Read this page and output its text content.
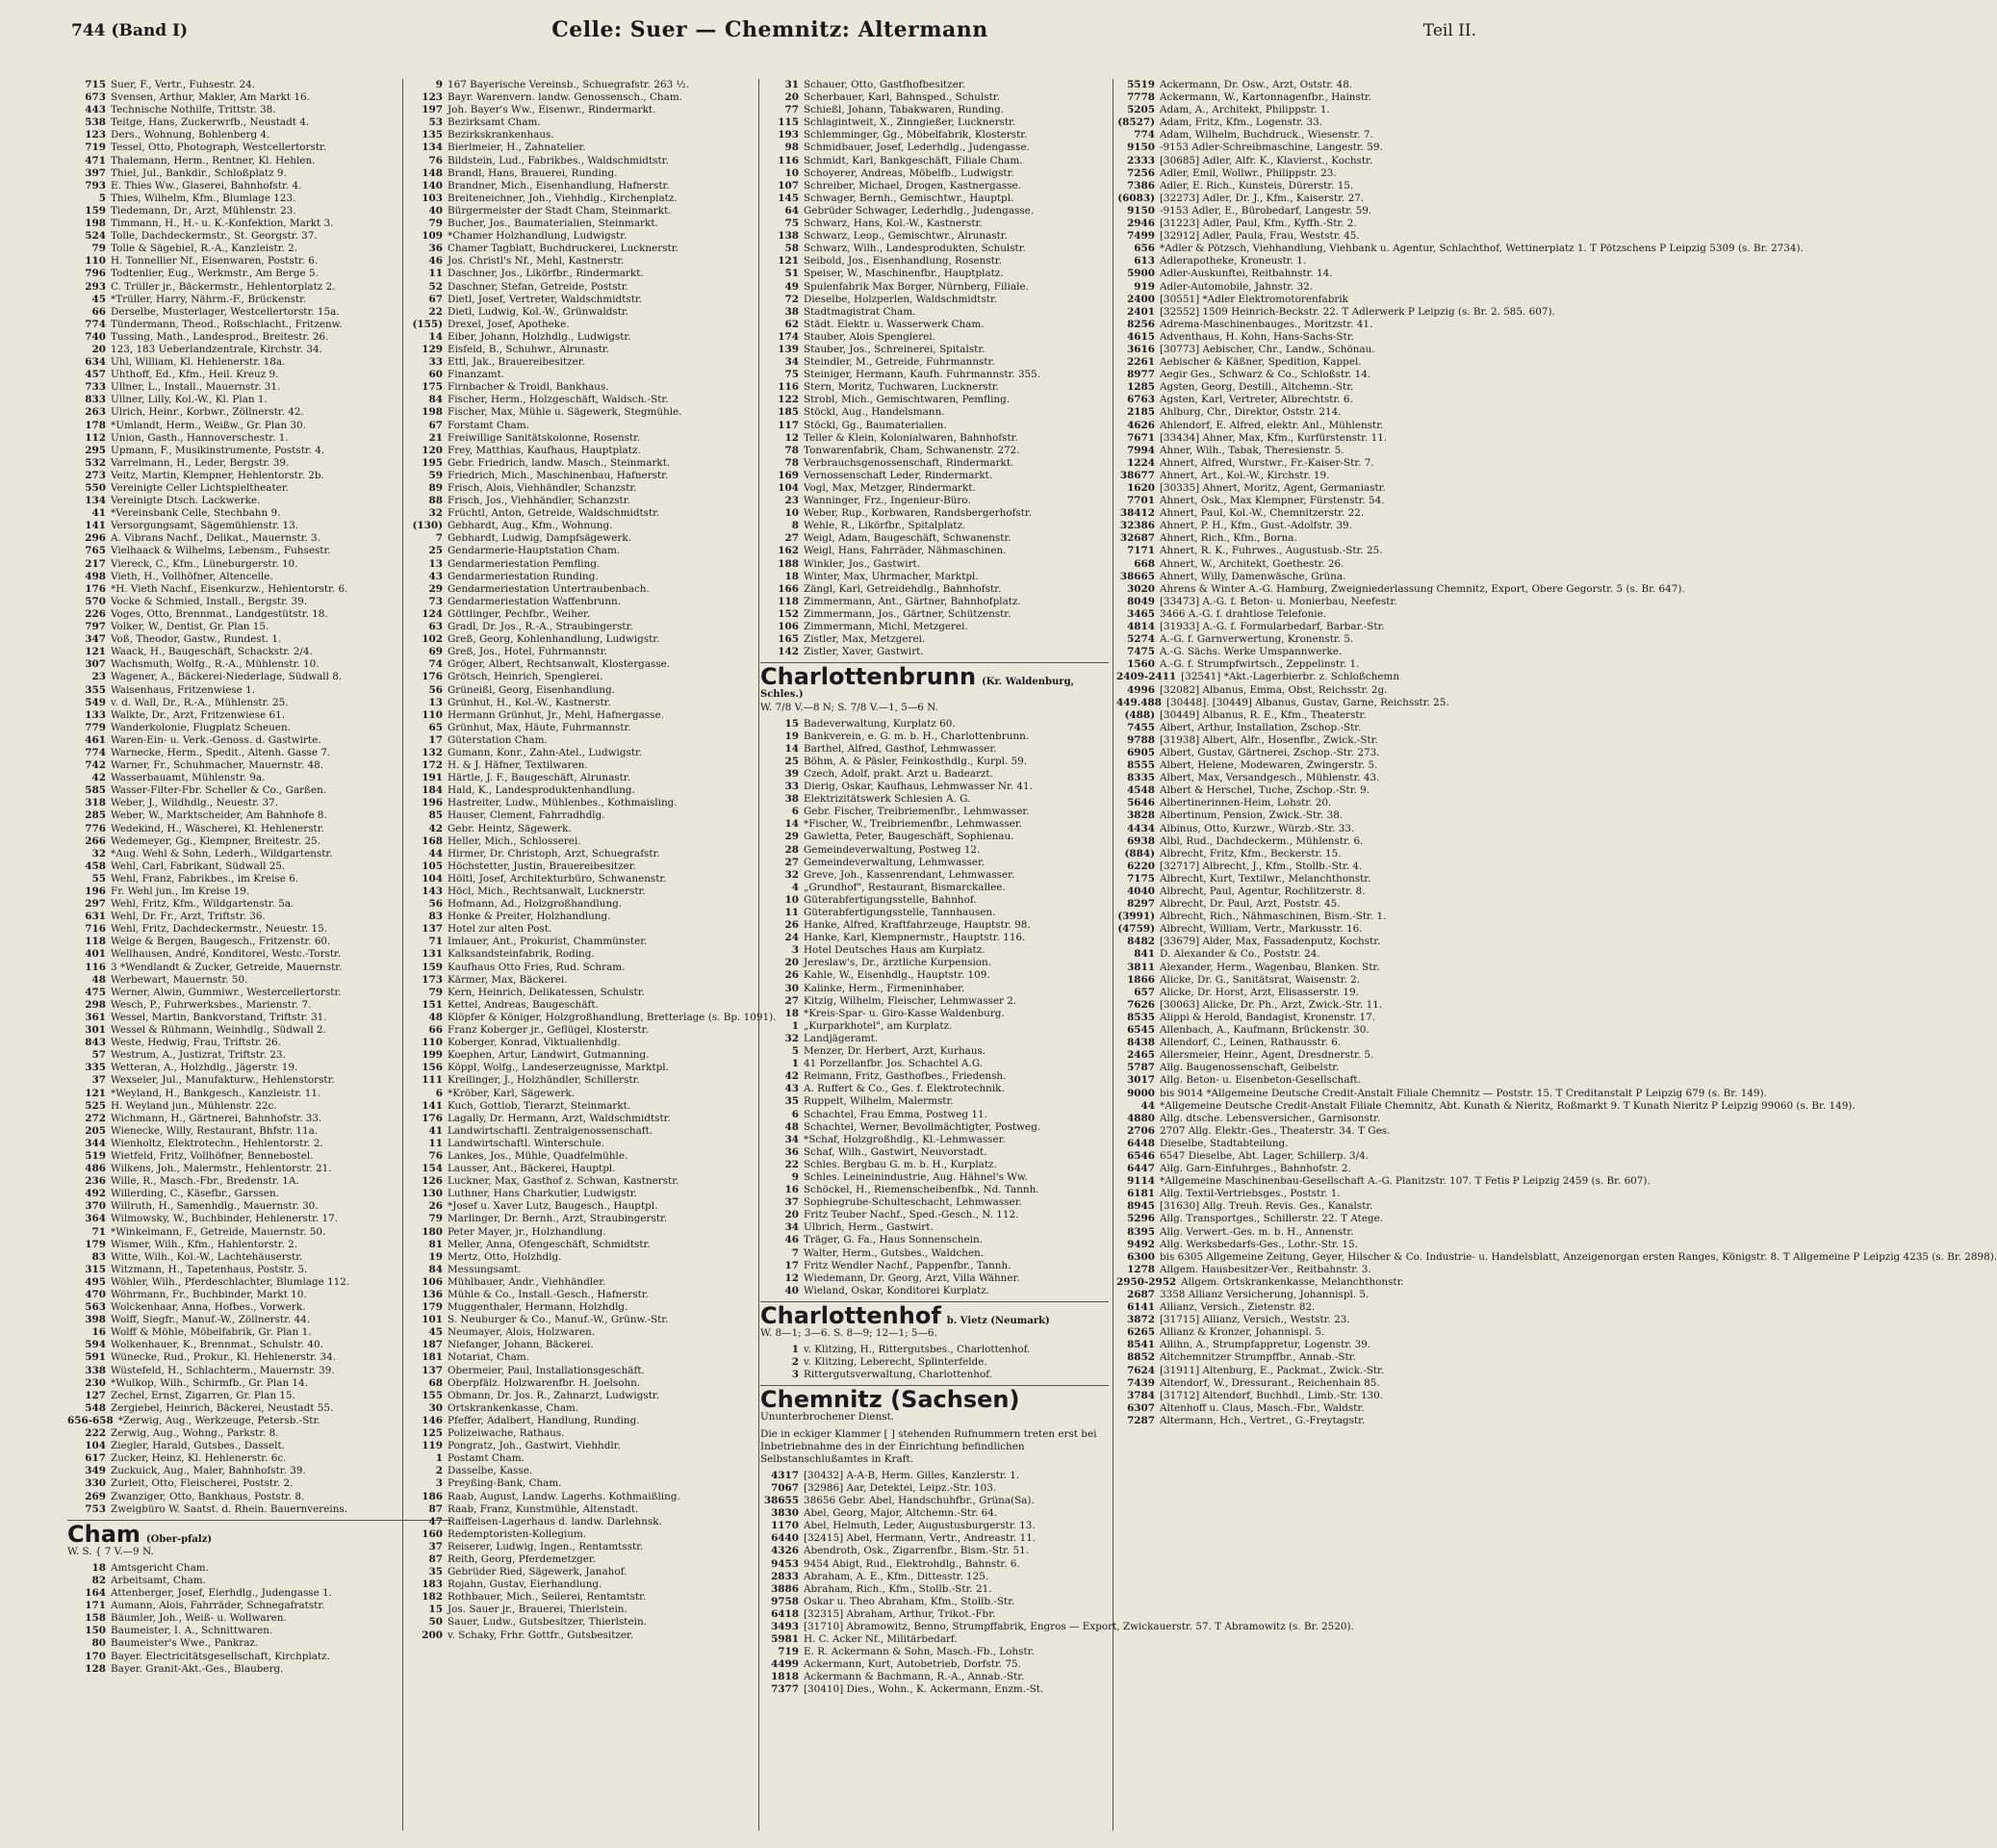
744 (Band I)	Celle: Suer — Chemnitz: Altermann	Teil II.
715 Suer, F., Vertr., Fuhsestr. 24.
673 Svensen, Arthur, Makler, Am Markt 16.
443 Technische Nothilfe, Trittstr. 38.
538 Teitge, Hans, Zuckerwrfb., Neustadt 4.
123 Ders., Wohnung, Bohlenberg 4.
719 Tessel, Otto, Photograph, Westcellertorstr.
471 Thalemann, Herm., Rentner, Kl. Hehlen.
397 Thiel, Jul., Bankdir., Schloßplatz 9.
793 E. Thies Ww., Glaserei, Bahnhofstr. 4.
5 Thies, Wilhelm, Kfm., Blumlage 123.
159 Tiedemann, Dr., Arzt, Mühlenstr. 23.
198 Timmann, H., H.- u. K.-Konfektion, Markt 3.
524 Tolle, Dachdeckermstr., St. Georgstr. 37.
79 Tolle & Sägebiel, R.-A., Kanzleistr. 2.
110 H. Tonnellier Nf., Eisenwaren, Poststr. 6.
796 Todtenlier, Eug., Werkmstr., Am Berge 5.
293 C. Trüller jr., Bäckermstr., Hehlentorplatz 2.
45 *Trüller, Harry, Nährm.-F., Brückenstr.
66 Derselbe, Musterlager, Westcellertorstr. 15a.
774 Tündermann, Theod., Roßschlacht., Fritzenw.
740 Tussing, Math., Landesprod., Breitestr. 26.
20 123, 183 Ueberlandzentrale, Kirchstr. 34.
634 Uhl, William, Kl. Hehlenerstr. 18a.
457 Uhthoff, Ed., Kfm., Heil. Kreuz 9.
733 Ullner, L., Install., Mauernstr. 31.
833 Ullner, Lilly, Kol.-W., Kl. Plan 1.
263 Ulrich, Heinr., Korbwr., Zöllnerstr. 42.
178 *Umlandt, Herm., Weißw., Gr. Plan 30.
112 Union, Gasth., Hannoverschestr. 1.
295 Upmann, F., Musikinstrumente, Poststr. 4.
532 Varrelmann, H., Leder, Bergstr. 39.
273 Veitz, Martin, Klempner, Hehlentorstr. 2b.
550 Vereinigte Celler Lichtspieltheater.
134 Vereinigte Dtsch. Lackwerke.
41 *Vereinsbank Celle, Stechbahn 9.
141 Versorgungsamt, Sägemühlenstr. 13.
296 A. Vibrans Nachf., Delikat., Mauernstr. 3.
765 Vielhaack & Wilhelms, Lebensm., Fuhsestr.
217 Viereck, C., Kfm., Lüneburgerstr. 10.
498 Vieth, H., Vollhöfner, Altencelle.
176 *H. Vieth Nachf., Eisenkurzw., Hehlentorstr. 6.
570 Vocke & Schmied, Install., Bergstr. 39.
226 Voges, Otto, Brennmat., Landgestütstr. 18.
797 Volker, W., Dentist, Gr. Plan 15.
347 Voß, Theodor, Gastw., Rundest. 1.
121 Waack, H., Baugeschäft, Schackstr. 2/4.
307 Wachsmuth, Wolfg., R.-A., Mühlenstr. 10.
23 Wagener, A., Bäckerei-Niederlage, Südwall 8.
355 Waisenhaus, Fritzenwiese 1.
549 v. d. Wall, Dr., R.-A., Mühlenstr. 25.
133 Walkte, Dr., Arzt, Fritzenwiese 61.
779 Wanderkolonie, Flugplatz Scheuen.
461 Waren-Ein- u. Verk.-Genoss. d. Gastwirte.
774 Warnecke, Herm., Spedit., Altenh. Gasse 7.
742 Warner, Fr., Schuhmacher, Mauernstr. 48.
42 Wasserbauamt, Mühlenstr. 9a.
585 Wasser-Filter-Fbr. Scheller & Co., Garßen.
318 Weber, J., Wildhdlg., Neuestr. 37.
285 Weber, W., Marktscheider, Am Bahnhofe 8.
776 Wedekind, H., Wäscherei, Kl. Hehlenerstr.
266 Wedemeyer, Gg., Klempner, Breitestr. 25.
32 *Aug. Wehl & Sohn, Lederh., Wildgartenstr.
458 Wehl, Carl, Fabrikant, Südwall 25.
55 Wehl, Franz, Fabrikbes., im Kreise 6.
196 Fr. Wehl jun., Im Kreise 19.
297 Wehl, Fritz, Kfm., Wildgartenstr. 5a.
631 Wehl, Dr. Fr., Arzt, Triftstr. 36.
716 Wehl, Fritz, Dachdeckermstr., Neuestr. 15.
118 Welge & Bergen, Baugesch., Fritzenstr. 60.
401 Wellhausen, André, Konditorei, Westc.-Torstr.
116 3 *Wendlandt & Zucker, Getreide, Mauernstr.
48 Werbewart, Mauernstr. 50.
475 Werner, Alwin, Gummiwr., Westercellertorstr.
298 Wesch, P., Fuhrwerksbes., Marienstr. 7.
361 Wessel, Martin, Bankvorstand, Triftstr. 31.
301 Wessel & Rühmann, Weinhdlg., Südwall 2.
843 Weste, Hedwig, Frau, Triftstr. 26.
57 Westrum, A., Justizrat, Triftstr. 23.
335 Wetteran, A., Holzhdlg., Jägerstr. 19.
37 Wexseler, Jul., Manufakturw., Hehlenstorstr.
121 *Weyland, H., Bankgesch., Kanzleistr. 11.
525 H. Weyland jun., Mühlenstr. 22c.
272 Wichmann, H., Gärtnerei, Bahnhofstr. 33.
205 Wienecke, Willy, Restaurant, Bhfstr. 11a.
344 Wienholtz, Elektrotechn., Hehlentorstr. 2.
519 Wietfeld, Fritz, Vollhöfner, Bennebostel.
486 Wilkens, Joh., Malermstr., Hehlentorstr. 21.
236 Wille, R., Masch.-Fbr., Bredenstr. 1A.
492 Willerding, C., Käsefbr., Garssen.
370 Willruth, H., Samenhdlg., Mauernstr. 30.
364 Wilmowsky, W., Buchbinder, Hehlenerstr. 17.
71 *Winkelmann, F., Getreide, Mauernstr. 50.
179 Wismer, Wilh., Kfm., Hahlentorstr. 2.
83 Witte, Wilh., Kol.-W., Lachtehäuserstr.
315 Witzmann, H., Tapetenhaus, Poststr. 5.
495 Wöhler, Wilh., Pferdeschlachter, Blumlage 112.
470 Wöhrmann, Fr., Buchbinder, Markt 10.
563 Wolckenhaar, Anna, Hofbes., Vorwerk.
398 Wolff, Siegfr., Manuf.-W., Zöllnerstr. 44.
16 Wolff & Möhle, Möbelfabrik, Gr. Plan 1.
594 Wolkenhauer, K., Brennmat., Schulstr. 40.
591 Wünecke, Rud., Prokur., Kl. Hehlenerstr. 34.
338 Wüstefeld, H., Schlachterm., Mauernstr. 39.
230 *Wulkop, Wilh., Schirmfb., Gr. Plan 14.
127 Zechel, Ernst, Zigarren, Gr. Plan 15.
548 Zergiebel, Heinrich, Bäckerei, Neustadt 55.
656-658 *Zerwig, Aug., Werkzeuge, Petersb.-Str.
222 Zerwig, Aug., Wohng., Parkstr. 8.
104 Ziegler, Harald, Gutsbes., Dasselt.
617 Zucker, Heinz, Kl. Hehlenerstr. 6c.
349 Zuckuick, Aug., Maler, Bahnhofstr. 39.
330 Zurleit, Otto, Fleischerei, Poststr. 2.
269 Zwanziger, Otto, Bankhaus, Poststr. 8.
753 Zweigbüro W. Saatst. d. Rhein. Bauernvereins.
Cham (Ober-pfalz)
W. S. { 7 V.—9 N.
18 Amtsgericht Cham.
82 Arbeitsamt, Cham.
164 Attenberger, Josef, Eierhdlg., Judengasse 1.
171 Aumann, Alois, Fahrräder, Schnegafratstr.
158 Bäumler, Joh., Weiß- u. Wollwaren.
150 Baumeister, I. A., Schnittwaren.
80 Baumeister's Wwe., Pankraz.
170 Bayer. Electricitätsgesellschaft, Kirchplatz.
128 Bayer. Granit-Akt.-Ges., Blauberg.
9 167 Bayerische Vereinsb., Schuegrafstr. 263 ½.
123 Bayr. Warenvern. landw. Genossensch., Cham.
197 Joh. Bayer's Ww., Eisenwr., Rindermarkt.
53 Bezirksamt Cham.
135 Bezirkskrankenhaus.
134 Bierlmeier, H., Zahnatelier.
76 Bildstein, Lud., Fabrikbes., Waldschmidtstr.
148 Brandl, Hans, Brauerei, Runding.
140 Brandner, Mich., Eisenhandlung, Hafnerstr.
103 Breiteneichner, Joh., Viehhdlg., Kirchenplatz.
40 Bürgermeister der Stadt Cham, Steinmarkt.
79 Bucher, Jos., Baumaterialien, Steinmarkt.
109 *Chamer Holzhandlung, Ludwigstr.
36 Chamer Tagblatt, Buchdruckerei, Lucknerstr.
46 Jos. Christl's Nf., Mehl, Kastnerstr.
11 Daschner, Jos., Likörfbr., Rindermarkt.
52 Daschner, Stefan, Getreide, Poststr.
67 Dietl, Josef, Vertreter, Waldschmidtstr.
22 Dietl, Ludwig, Kol.-W., Grünwaldstr.
(155) Drexel, Josef, Apotheke.
14 Eiber, Johann, Holzhdlg., Ludwigstr.
129 Eisfeld, B., Schuhwr., Alrunastr.
33 Ettl, Jak., Brauereibesitzer.
60 Finanzamt.
175 Firnbacher & Troidl, Bankhaus.
84 Fischer, Herm., Holzgeschäft, Waldsch.-Str.
198 Fischer, Max, Mühle u. Sägewerk, Stegmühle.
67 Forstamt Cham.
21 Freiwillige Sanitätskolonne, Rosenstr.
120 Frey, Matthias, Kaufhaus, Hauptplatz.
195 Gebr. Friedrich, landw. Masch., Steinmarkt.
59 Friedrich, Mich., Maschinenbau, Hafnerstr.
89 Frisch, Alois, Viehhändler, Schanzstr.
88 Frisch, Jos., Viehhändler, Schanzstr.
32 Früchtl, Anton, Getreide, Waldschmidtstr.
(130) Gebhardt, Aug., Kfm., Wohnung.
7 Gebhardt, Ludwig, Dampfsägewerk.
25 Gendarmerie-Hauptstation Cham.
13 Gendarmeriestation Pemfling.
43 Gendarmeriestation Runding.
29 Gendarmeriestation Untertraubenbach.
73 Gendarmeriestation Waffenbrunn.
124 Göttlinger, Pechfbr., Weiher.
63 Gradl, Dr. Jos., R.-A., Straubingerstr.
102 Greß, Georg, Kohlenhandlung, Ludwigstr.
69 Greß, Jos., Hotel, Fuhrmannstr.
74 Gröger, Albert, Rechtsanwalt, Klostergasse.
176 Grötsch, Heinrich, Spenglerei.
56 Grüneißl, Georg, Eisenhandlung.
13 Grünhut, H., Kol.-W., Kastnerstr.
110 Hermann Grünhut, Jr., Mehl, Hafnergasse.
65 Grünhut, Max, Häute, Fuhrmannstr.
17 Güterstation Cham.
132 Gumann, Konr., Zahn-Atel., Ludwigstr.
172 H. & J. Häfner, Textilwaren.
191 Härtle, J. F., Baugeschäft, Alrunastr.
184 Hald, K., Landesproduktenhandlung.
196 Hastreiter, Ludw., Mühlenbes., Kothmaisling.
85 Hauser, Clement, Fahrradhdlg.
42 Gebr. Heintz, Sägewerk.
168 Heller, Mich., Schlosserei.
44 Hirmer, Dr. Christoph, Arzt, Schuegrafstr.
105 Höchstetter, Justin, Brauereibesitzer.
104 Höltl, Josef, Architekturbüro, Schwanenstr.
143 Höcl, Mich., Rechtsanwalt, Lucknerstr.
56 Hofmann, Ad., Holzgroßhandlung.
83 Honke & Preiter, Holzhandlung.
137 Hotel zur alten Post.
71 Imlauer, Ant., Prokurist, Chammünster.
131 Kalksandsteinfabrik, Roding.
159 Kaufhaus Otto Fries, Rud. Schram.
173 Kärmer, Max, Bäckerei.
79 Kern, Heinrich, Delikatessen, Schulstr.
151 Kettel, Andreas, Baugeschäft.
48 Klöpfer & Königer, Holzgroßhandlung, Bretterlage (s. Bp. 1091).
66 Franz Koberger jr., Geflügel, Klosterstr.
110 Koberger, Konrad, Viktualienhdlg.
199 Koephen, Artur, Landwirt, Gutmanning.
156 Köppl, Wolfg., Landeserzeugnisse, Marktpl.
111 Kreilinger, J., Holzhändler, Schillerstr.
6 *Kröber, Karl, Sägewerk.
141 Kuch, Gottlob, Tierarzt, Steinmarkt.
176 Lagally, Dr. Hermann, Arzt, Waldschmidtstr.
41 Landwirtschaftl. Zentralgenossenschaft.
11 Landwirtschaftl. Winterschule.
76 Lankes, Jos., Mühle, Quadfelmühle.
154 Lausser, Ant., Bäckerei, Hauptpl.
126 Luckner, Max, Gasthof z. Schwan, Kastnerstr.
130 Luthner, Hans Charkutier, Ludwigstr.
26 *Josef u. Xaver Lutz, Baugesch., Hauptpl.
79 Marlinger, Dr. Bernh., Arzt, Straubingerstr.
180 Peter Mayer, jr., Holzhandlung.
81 Meller, Anna, Ofengeschäft, Schmidtstr.
19 Mertz, Otto, Holzhdlg.
84 Messungsamt.
106 Mühlbauer, Andr., Viehhändler.
136 Mühle & Co., Install.-Gesch., Hafnerstr.
179 Muggenthaler, Hermann, Holzhdlg.
101 S. Neuburger & Co., Manuf.-W., Grünw.-Str.
45 Neumayer, Alois, Holzwaren.
187 Niefanger, Johann, Bäckerei.
181 Notariat, Cham.
137 Obermeier, Paul, Installationsgeschäft.
68 Oberpfälz. Holzwarenfbr. H. Joelsohn.
155 Obmann, Dr. Jos. R., Zahnarzt, Ludwigstr.
30 Ortskrankenkasse, Cham.
146 Pfeffer, Adalbert, Handlung, Runding.
125 Polizeiwache, Rathaus.
119 Pongratz, Joh., Gastwirt, Viehhdlr.
1 Postamt Cham.
2 Dasselbe, Kasse.
3 Preyßing-Bank, Cham.
186 Raab, August, Landw. Lagerhs. Kothmaißling.
87 Raab, Franz, Kunstmühle, Altenstadt.
47 Raiffeisen-Lagerhaus d. landw. Darlehnsk.
160 Redemptoristen-Kollegium.
37 Reiserer, Ludwig, Ingen., Rentamtsstr.
87 Reith, Georg, Pferdemetzger.
35 Gebrüder Ried, Sägewerk, Janahof.
183 Rojahn, Gustav, Eierhandlung.
182 Rothbauer, Mich., Seilerei, Rentamtstr.
15 Jos. Sauer jr., Brauerei, Thierlstein.
50 Sauer, Ludw., Gutsbesitzer, Thierlstein.
200 v. Schaky, Frhr. Gottfr., Gutsbesitzer.
31 Schauer, Otto, Gastfhofbesitzer.
20 Scherbauer, Karl, Bahnsped., Schulstr.
77 Schießl, Johann, Tabakwaren, Runding.
115 Schlagintweit, X., Zinngießer, Lucknerstr.
193 Schlemminger, Gg., Möbelfabrik, Klosterstr.
98 Schmidbauer, Josef, Lederhdlg., Judengasse.
116 Schmidt, Karl, Bankgeschäft, Filiale Cham.
10 Schoyerer, Andreas, Möbelfb., Ludwigstr.
107 Schreiber, Michael, Drogen, Kastnergasse.
145 Schwager, Bernh., Gemischtwr., Hauptpl.
64 Gebrüder Schwager, Lederhdlg., Judengasse.
75 Schwarz, Hans, Kol.-W., Kastnerstr.
138 Schwarz, Leop., Gemischtwr., Alrunastr.
58 Schwarz, Wilh., Landesprodukten, Schulstr.
121 Seibold, Jos., Eisenhandlung, Rosenstr.
51 Speiser, W., Maschinenfbr., Hauptplatz.
49 Spulenfabrik Max Borger, Nürnberg, Filiale.
72 Dieselbe, Holzperlen, Waldschmidtstr.
38 Stadtmagistrat Cham.
62 Städt. Elektr. u. Wasserwerk Cham.
174 Stauber, Alois Spenglerei.
139 Stauber, Jos., Schreinerei, Spitalstr.
34 Steindler, M., Getreide, Fuhrmannstr.
75 Steiniger, Hermann, Kaufh. Fuhrmannstr. 355.
116 Stern, Moritz, Tuchwaren, Lucknerstr.
122 Strobl, Mich., Gemischtwaren, Pemfling.
185 Stöckl, Aug., Handelsmann.
117 Stöckl, Gg., Baumaterialien.
12 Teller & Klein, Kolonialwaren, Bahnhofstr.
78 Tonwarenfabrik, Cham, Schwanenstr. 272.
78 Verbrauchsgenossenschaft, Rindermarkt.
169 Vernossenschaft Leder, Rindermarkt.
104 Vogl, Max, Metzger, Rindermarkt.
23 Wanninger, Frz., Ingenieur-Büro.
10 Weber, Rup., Korbwaren, Randsbergerhofstr.
8 Wehle, R., Likörfbr., Spitalplatz.
27 Weigl, Adam, Baugeschäft, Schwanenstr.
162 Weigl, Hans, Fahrräder, Nähmaschinen.
188 Winkler, Jos., Gastwirt.
18 Winter, Max, Uhrmacher, Marktpl.
166 Zängl, Karl, Getreidehdlg., Bahnhofstr.
118 Zimmermann, Ant., Gärtner, Bahnhofplatz.
152 Zimmermann, Jos., Gärtner, Schützenstr.
106 Zimmermann, Michl, Metzgerei.
165 Zistler, Max, Metzgerei.
142 Zistler, Xaver, Gastwirt.
Charlottenbrunn (Kr. Waldenburg, Schles.)
W. 7/8 V.—8 N; S. 7/8 V.—1, 5—6 N.
15 Badeverwaltung, Kurplatz 60.
19 Bankverein, e. G. m. b. H., Charlottenbrunn.
14 Barthel, Alfred, Gasthof, Lehmwasser.
25 Böhm, A. & Päsler, Feinkosthdlg., Kurpl. 59.
39 Czech, Adolf, prakt. Arzt u. Badearzt.
33 Dierig, Oskar, Kaufhaus, Lehmwasser Nr. 41.
38 Elektrizitätswerk Schlesien A. G.
6 Gebr. Fischer, Treibriemenfbr., Lehmwasser.
14 *Fischer, W., Treibriemenfbr., Lehmwasser.
29 Gawletta, Peter, Baugeschäft, Sophienau.
28 Gemeindeverwaltung, Postweg 12.
27 Gemeindeverwaltung, Lehmwasser.
32 Greve, Joh., Kassenrendant, Lehmwasser.
4 „Grundhof", Restaurant, Bismarckallee.
10 Güterabfertigungsstelle, Bahnhof.
11 Güterabfertigungsstelle, Tannhausen.
26 Hanke, Alfred, Kraftfahrzeuge, Hauptstr. 98.
24 Hanke, Karl, Klempnermstr., Hauptstr. 116.
3 Hotel Deutsches Haus am Kurplatz.
20 Jereslaw's, Dr., ärztliche Kurpension.
26 Kahle, W., Eisenhdlg., Hauptstr. 109.
30 Kalinke, Herm., Firmeninhaber.
27 Kitzig, Wilhelm, Fleischer, Lehmwasser 2.
18 *Kreis-Spar- u. Giro-Kasse Waldenburg.
1 „Kurparkhotel", am Kurplatz.
32 Landjägeramt.
5 Menzer, Dr. Herbert, Arzt, Kurhaus.
1 41 Porzellanfbr. Jos. Schachtel A.G.
42 Reimann, Fritz, Gasthofbes., Friedensh.
43 A. Ruffert & Co., Ges. f. Elektrotechnik.
35 Ruppelt, Wilhelm, Malermstr.
6 Schachtel, Frau Emma, Postweg 11.
48 Schachtel, Werner, Bevollmächtigter, Postweg.
34 *Schaf, Holzgroßhdlg., Kl.-Lehmwasser.
36 Schaf, Wilh., Gastwirt, Neuvorstadt.
22 Schles. Bergbau G. m. b. H., Kurplatz.
9 Schles. Leineinindustrie, Aug. Hähnel's Ww.
16 Schöckel, H., Riemenscheibenfbk., Nd. Tannh.
37 Sophiegrube-Schulteschacht, Lehmwasser.
20 Fritz Teuber Nachf., Sped.-Gesch., N. 112.
34 Ulbrich, Herm., Gastwirt.
46 Träger, G. Fa., Haus Sonnenschein.
7 Walter, Herm., Gutsbes., Waldchen.
17 Fritz Wendler Nachf., Pappenfbr., Tannh.
12 Wiedemann, Dr. Georg, Arzt, Villa Wähner.
40 Wieland, Oskar, Konditorei Kurplatz.
Charlottenhof b. Vietz (Neumark)
W. 8—1; 3—6. S. 8—9; 12—1; 5—6.
1 v. Klitzing, H., Rittergutsbes., Charlottenhof.
2 v. Klitzing, Leberecht, Splinterfelde.
3 Rittergutsverwaltung, Charlottenhof.
Chemnitz (Sachsen)
Ununterbrochener Dienst.
Die in eckiger Klammer [ ] stehenden Rufnummern treten erst bei Inbetriebnahme des in der Einrichtung befindlichen Selbstanschlußamtes in Kraft.
4317 [30432] A-A-B, Herm. Gilles, Kanzlerstr. 1.
7067 [32986] Aar, Detektei, Leipz.-Str. 103.
38655 38656 Gebr. Abel, Handschuhfbr., Grüna(Sa).
3830 Abel, Georg, Major, Altchemn.-Str. 64.
1170 Abel, Helmuth, Leder, Augustusburgerstr. 13.
6440 [32415] Abel, Hermann, Vertr., Andreastr. 11.
4326 Abendroth, Osk., Zigarrenfbr., Bism.-Str. 51.
9453 9454 Abigt, Rud., Elektrohdlg., Bahnstr. 6.
2833 Abraham, A. E., Kfm., Dittesstr. 125.
3886 Abraham, Rich., Kfm., Stollb.-Str. 21.
9758 Oskar u. Theo Abraham, Kfm., Stollb.-Str.
6418 [32315] Abraham, Arthur, Trikot.-Fbr.
3493 [31710] Abramowitz, Benno, Strumpffabrik, Engros — Export, Zwickauerstr. 57. T Abramowitz (s. Br. 2520).
5981 H. C. Acker Nf., Militärbedarf.
719 E. R. Ackermann & Sohn, Masch.-Fb., Lohstr.
4499 Ackermann, Kurt, Autobetrieb, Dorfstr. 75.
1818 Ackermann & Bachmann, R.-A., Annab.-Str.
7377 [30410] Dies., Wohn., K. Ackermann, Enzm.-St.
5519 Ackermann, Dr. Osw., Arzt, Oststr. 48.
7778 Ackermann, W., Kartonnagenfbr., Hainstr.
5205 Adam, A., Architekt, Philippstr. 1.
(8527) Adam, Fritz, Kfm., Logenstr. 33.
774 Adam, Wilhelm, Buchdruck., Wiesenstr. 7.
9150 -9153 Adler-Schreibmaschine, Langestr. 59.
2333 [30685] Adler, Alfr. K., Klavierst., Kochstr.
7256 Adler, Emil, Wollwr., Philippstr. 23.
7386 Adler, E. Rich., Kunsteis, Dürerstr. 15.
(6083) [32273] Adler, Dr. J., Kfm., Kaiserstr. 27.
9150 -9153 Adler, E., Bürobedarf, Langestr. 59.
2946 [31223] Adler, Paul, Kfm., Kyffh.-Str. 2.
7499 [32912] Adler, Paula, Frau, Weststr. 45.
656 *Adler & Pötzsch, Viehhandlung, Viehbank u. Agentur, Schlachthof, Wettinerplatz 1. T Pötzschens P Leipzig 5309 (s. Br. 2734).
613 Adlerapotheke, Kroneustr. 1.
5900 Adler-Auskunftei, Reitbahnstr. 14.
919 Adler-Automobile, Jahnstr. 32.
2400 [30551] *Adler Elektromotorenfabrik
2401 [32552] 1509 Heinrich-Beckstr. 22. T Adlerwerk P Leipzig (s. Br. 2. 585. 607).
8256 Adrema-Maschinenbauges., Moritzstr. 41.
4615 Adventhaus, H. Kohn, Hans-Sachs-Str.
3616 [30773] Aebischer, Chr., Landw., Schönau.
2261 Aebischer & Käßner, Spedition, Kappel.
8977 Aegir Ges., Schwarz & Co., Schloßstr. 14.
1285 Agsten, Georg, Destill., Altchemn.-Str.
6763 Agsten, Karl, Vertreter, Albrechtstr. 6.
2185 Ahlburg, Chr., Direktor, Oststr. 214.
4626 Ahlendorf, E. Alfred, elektr. Anl., Mühlenstr.
7671 [33434] Ahner, Max, Kfm., Kurfürstenstr. 11.
7994 Ahner, Wilh., Tabak, Theresienstr. 5.
1224 Ahnert, Alfred, Wurstwr., Fr.-Kaiser-Str. 7.
38677 Ahnert, Art., Kol.-W., Kirchstr. 19.
1620 [30335] Ahnert, Moritz, Agent, Germaniastr.
7701 Ahnert, Osk., Max Klempner, Fürstenstr. 54.
38412 Ahnert, Paul, Kol.-W., Chemnitzerstr. 22.
32386 Ahnert, P. H., Kfm., Gust.-Adolfstr. 39.
32687 Ahnert, Rich., Kfm., Borna.
7171 Ahnert, R. K., Fuhrwes., Augustusb.-Str. 25.
668 Ahnert, W., Architekt, Goethestr. 26.
38665 Ahnert, Willy, Damenwäsche, Grüna.
3020 Ahrens & Winter A.-G. Hamburg, Zweigniederlassung Chemnitz, Export, Obere Gegorstr. 5 (s. Br. 647).
8049 [33473] A.-G. f. Beton- u. Monierbau, Neefestr.
3465 3466 A.-G. f. drahtlose Telefonie.
4814 [31933] A.-G. f. Formularbedarf, Barbar.-Str.
5274 A.-G. f. Garnverwertung, Kronenstr. 5.
7475 A.-G. Sächs. Werke Umspannwerke.
1560 A.-G. f. Strumpfwirtsch., Zeppelinstr. 1.
2409-2411 [32541] *Akt.-Lagerbierbr. z. Schloßchemn
4996 [32082] Albanus, Emma, Obst, Reichsstr. 2g.
449.488 [30448]. [30449] Albanus, Gustav, Garne, Reichsstr. 25.
(488) [30449] Albanus, R. E., Kfm., Theaterstr.
7455 Albert, Arthur, Installation, Zschop.-Str.
9788 [31938] Albert, Alfr., Hosenfbr., Zwick.-Str.
6905 Albert, Gustav, Gärtnerei, Zschop.-Str. 273.
8555 Albert, Helene, Modewaren, Zwingerstr. 5.
8335 Albert, Max, Versandgesch., Mühlenstr. 43.
4548 Albert & Herschel, Tuche, Zschop.-Str. 9.
5646 Albertinerinnen-Heim, Lohstr. 20.
3828 Albertinum, Pension, Zwick.-Str. 38.
4434 Albinus, Otto, Kurzwr., Würzb.-Str. 33.
6938 Albl, Rud., Dachdeckerm., Mühlenstr. 6.
(884) Albrecht, Fritz, Kfm., Beckerstr. 15.
6220 [32717] Albrecht, J., Kfm., Stollb.-Str. 4.
7175 Albrecht, Kurt, Textilwr., Melanchthonstr.
4040 Albrecht, Paul, Agentur, Rochlitzerstr. 8.
8297 Albrecht, Dr. Paul, Arzt, Poststr. 45.
(3991) Albrecht, Rich., Nähmaschinen, Bism.-Str. 1.
(4759) Albrecht, William, Vertr., Markusstr. 16.
8482 [33679] Alder, Max, Fassadenputz, Kochstr.
841 D. Alexander & Co., Poststr. 24.
3811 Alexander, Herm., Wagenbau, Blanken. Str.
1866 Alicke, Dr. G., Sanitätsrat, Waisenstr. 2.
657 Alicke, Dr. Horst, Arzt, Elisasserstr. 19.
7626 [30063] Alicke, Dr. Ph., Arzt, Zwick.-Str. 11.
8535 Alippi & Herold, Bandagist, Kronenstr. 17.
6545 Allenbach, A., Kaufmann, Brückenstr. 30.
8438 Allendorf, C., Leinen, Rathausstr. 6.
2465 Allersmeier, Heinr., Agent, Dresdnerstr. 5.
5787 Allg. Baugenossenschaft, Geibelstr.
3017 Allg. Beton- u. Eisenbeton-Gesellschaft.
9000 bis 9014 *Allgemeine Deutsche Credit-Anstalt Filiale Chemnitz — Poststr. 15. T Creditanstalt P Leipzig 679 (s. Br. 149).
44 *Allgemeine Deutsche Credit-Anstalt Filiale Chemnitz, Abt. Kunath & Nieritz, Roßmarkt 9. T Kunath Nieritz P Leipzig 99060 (s. Br. 149).
4880 Allg. dtsche. Lebensversicher., Garnisonstr.
2706 2707 Allg. Elektr.-Ges., Theaterstr. 34. T Ges.
6448 Dieselbe, Stadtabteilung.
6546 6547 Dieselbe, Abt. Lager, Schillerp. 3/4.
6447 Allg. Garn-Einfuhrges., Bahnhofstr. 2.
9114 *Allgemeine Maschinenbau-Gesellschaft A.-G. Planitzstr. 107. T Fetis P Leipzig 2459 (s. Br. 607).
6181 Allg. Textil-Vertriebsges., Poststr. 1.
8945 [31630] Allg. Treuh. Revis. Ges., Kanalstr.
5296 Allg. Transportges., Schillerstr. 22. T Atege.
8395 Allg. Verwert.-Ges. m. b. H., Annenstr.
9492 Allg. Werksbedarfs-Ges., Lothr.-Str. 15.
6300 bis 6305 Allgemeine Zeitung, Geyer, Hilscher & Co. Industrie- u. Handelsblatt, Anzeigenorgan ersten Ranges, Königstr. 8. T Allgemeine P Leipzig 4235 (s. Br. 2898).
1278 Allgem. Hausbesitzer-Ver., Reitbahnstr. 3.
2950-2952 Allgem. Ortskrankenkasse, Melanchthonstr.
2687 3358 Allianz Versicherung, Johannispl. 5.
6141 Allianz, Versich., Zietenstr. 82.
3872 [31715] Allianz, Versich., Weststr. 23.
6265 Allianz & Kronzer, Johannispl. 5.
8541 Allihn, A., Strumpfappretur, Logenstr. 39.
8852 Altchemnitzer Strumpffbr., Annab.-Str.
7624 [31911] Altenburg, E., Packmat., Zwick.-Str.
7439 Altendorf, W., Dressurant., Reichenhain 85.
3784 [31712] Altendorf, Buchhdl., Limb.-Str. 130.
6307 Altenhoff u. Claus, Masch.-Fbr., Waldstr.
7287 Altermann, Hch., Vertret., G.-Freytagstr.
